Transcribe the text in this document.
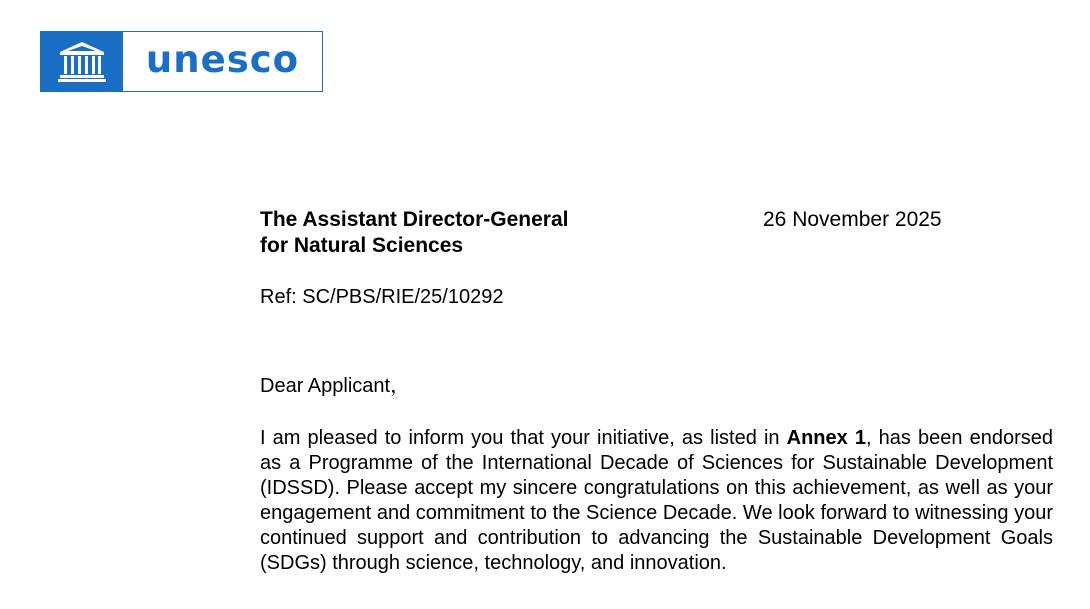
unesco
The Assistant Director-General
for Natural Sciences
26 November 2025
Ref: SC/PBS/RIE/25/10292
Dear Applicant，

I am pleased to inform you that your initiative, as listed in Annex 1, has been endorsed as a Programme of the International Decade of Sciences for Sustainable Development (IDSSD). Please accept my sincere congratulations on this achievement, as well as your engagement and commitment to the Science Decade. We look forward to witnessing your continued support and contribution to advancing the Sustainable Development Goals (SDGs) through science, technology, and innovation.
